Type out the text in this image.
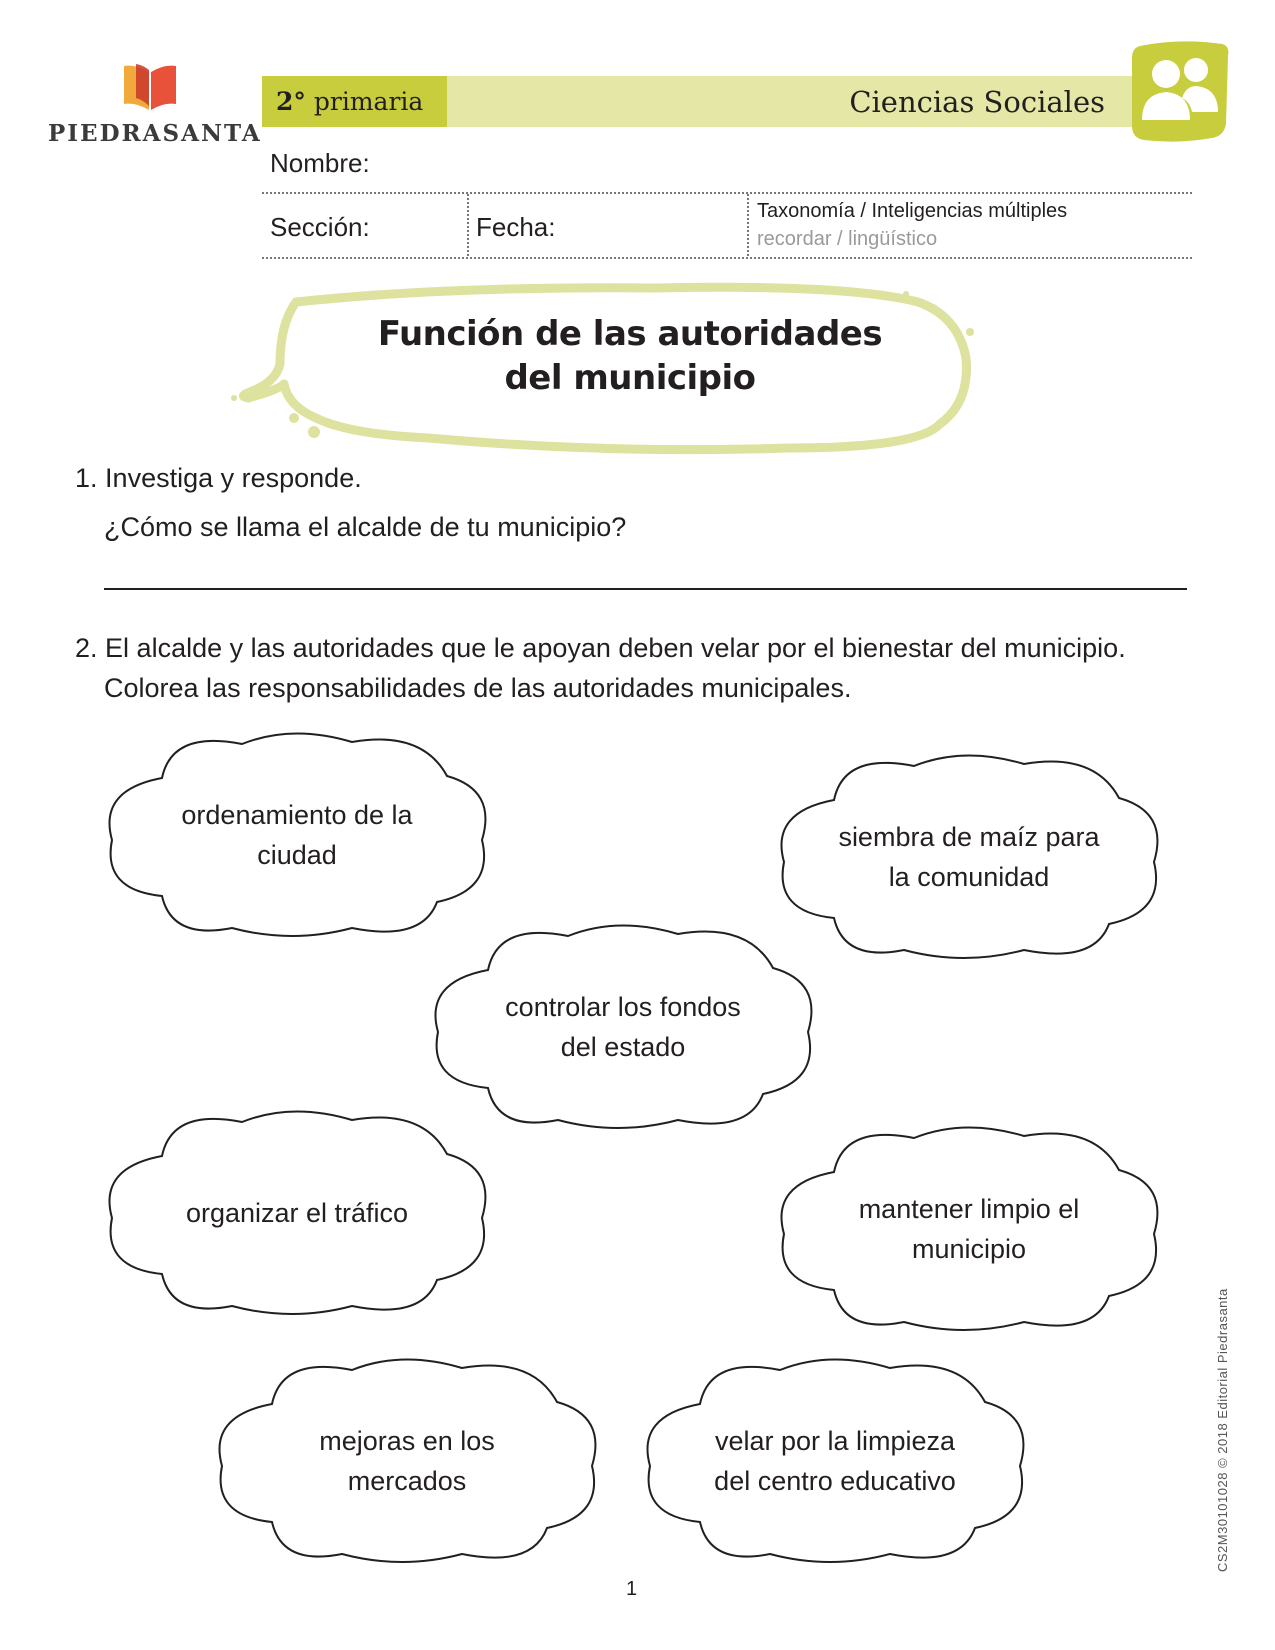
PIEDRASANTA
2° primaria	Ciencias Sociales
Nombre:
Sección:	Fecha:
Taxonomía / Inteligencias múltiples
recordar / lingüístico
Función de las autoridades
del municipio
1. Investiga y responde.
¿Cómo se llama el alcalde de tu municipio?
2. El alcalde y las autoridades que le apoyan deben velar por el bienestar del municipio.
Colorea las responsabilidades de las autoridades municipales.
ordenamiento de la
ciudad
siembra de maíz para
la comunidad
controlar los fondos
del estado
organizar el tráfico	mantener limpio el
municipio
mejoras en los
mercados
velar por la limpieza
del centro educativo
1
CS2M30101028 © 2018 Editorial Piedrasanta
